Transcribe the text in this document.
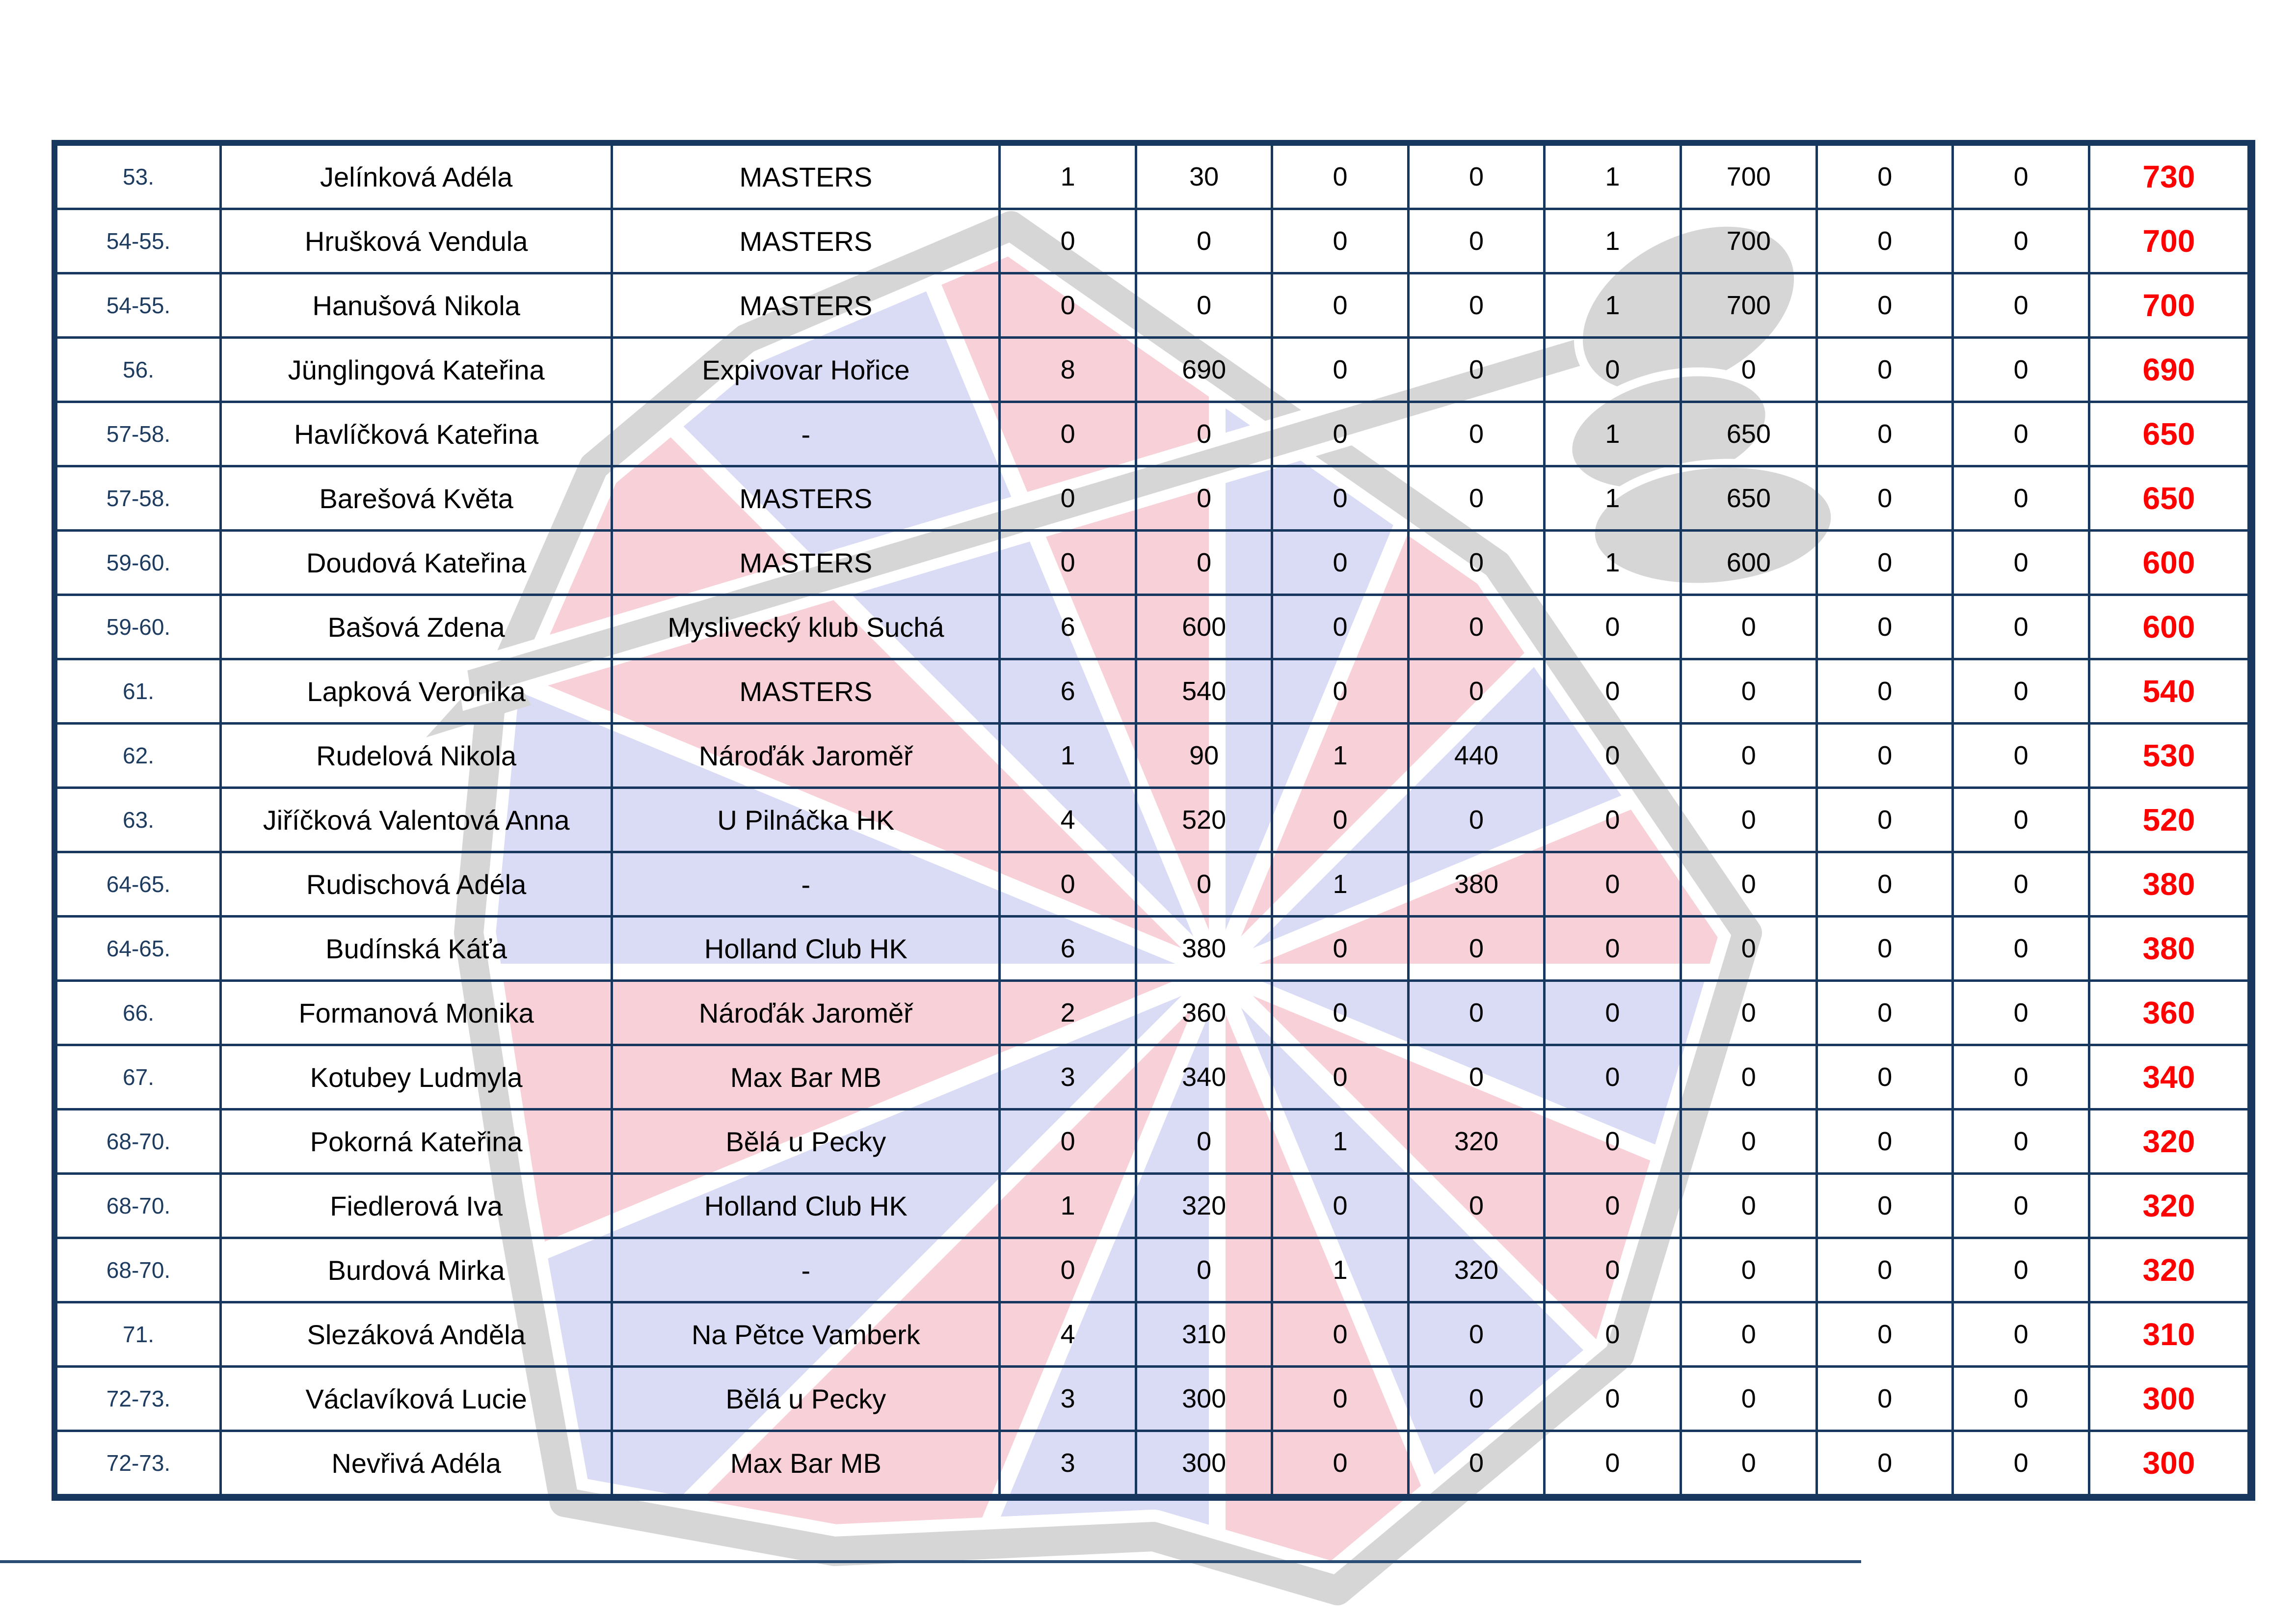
53.	Jelínková Adéla	MASTERS	1	30	0	0	1	700	0	0	730
54-55.	Hrušková Vendula	MASTERS	0	0	0	0	1	700	0	0	700
54-55.	Hanušová Nikola	MASTERS	0	0	0	0	1	700	0	0	700
56.	Jünglingová Kateřina	Expivovar Hořice	8	690	0	0	0	0	0	0	690
57-58.	Havlíčková Kateřina	-	0	0	0	0	1	650	0	0	650
57-58.	Barešová Květa	MASTERS	0	0	0	0	1	650	0	0	650
59-60.	Doudová Kateřina	MASTERS	0	0	0	0	1	600	0	0	600
59-60.	Bašová Zdena	Myslivecký klub Suchá	6	600	0	0	0	0	0	0	600
61.	Lapková Veronika	MASTERS	6	540	0	0	0	0	0	0	540
62.	Rudelová Nikola	Nároďák Jaroměř	1	90	1	440	0	0	0	0	530
63.	Jiříčková Valentová Anna	U Pilnáčka HK	4	520	0	0	0	0	0	0	520
64-65.	Rudischová Adéla	-	0	0	1	380	0	0	0	0	380
64-65.	Budínská Káťa	Holland Club HK	6	380	0	0	0	0	0	0	380
66.	Formanová Monika	Nároďák Jaroměř	2	360	0	0	0	0	0	0	360
67.	Kotubey Ludmyla	Max Bar MB	3	340	0	0	0	0	0	0	340
68-70.	Pokorná Kateřina	Bělá u Pecky	0	0	1	320	0	0	0	0	320
68-70.	Fiedlerová Iva	Holland Club HK	1	320	0	0	0	0	0	0	320
68-70.	Burdová Mirka	-	0	0	1	320	0	0	0	0	320
71.	Slezáková Anděla	Na Pětce Vamberk	4	310	0	0	0	0	0	0	310
72-73.	Václavíková Lucie	Bělá u Pecky	3	300	0	0	0	0	0	0	300
72-73.	Nevřivá Adéla	Max Bar MB	3	300	0	0	0	0	0	0	300
